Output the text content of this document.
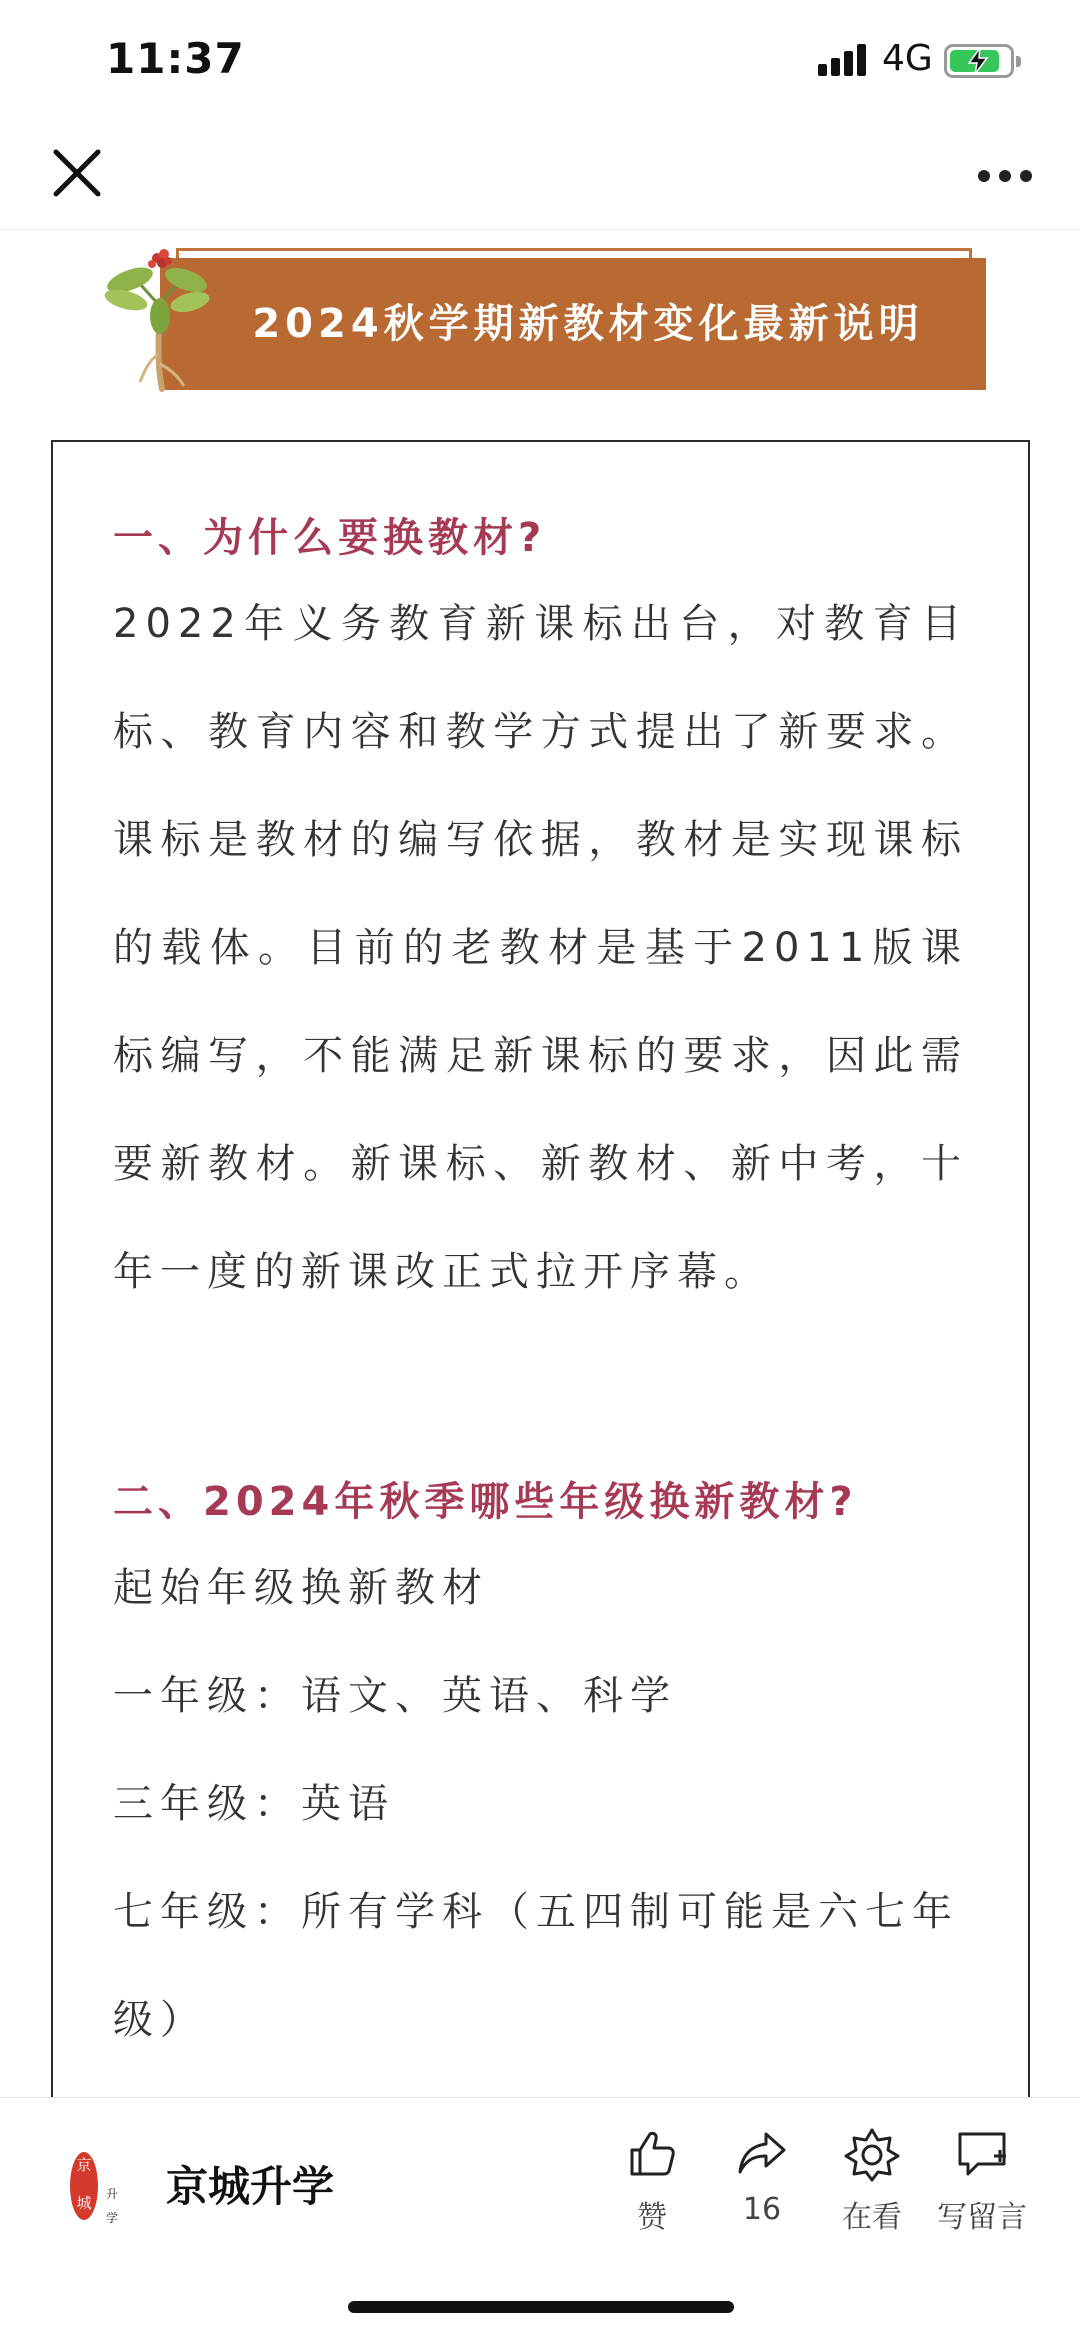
11:37	4G
2024秋学期新教材变化最新说明
一、为什么要换教材?
2022年义务教育新课标出台，对教育目标、教育内容和教学方式提出了新要求。课标是教材的编写依据，教材是实现课标的载体。目前的老教材是基于2011版课标编写，不能满足新课标的要求，因此需要新教材。新课标、新教材、新中考，十年一度的新课改正式拉开序幕。
二、2024年秋季哪些年级换新教材?
起始年级换新教材
一年级：语文、英语、科学
三年级：英语
七年级：所有学科（五四制可能是六七年
级）
京
城 升
学
京城升学
赞	16	在看	写留言
